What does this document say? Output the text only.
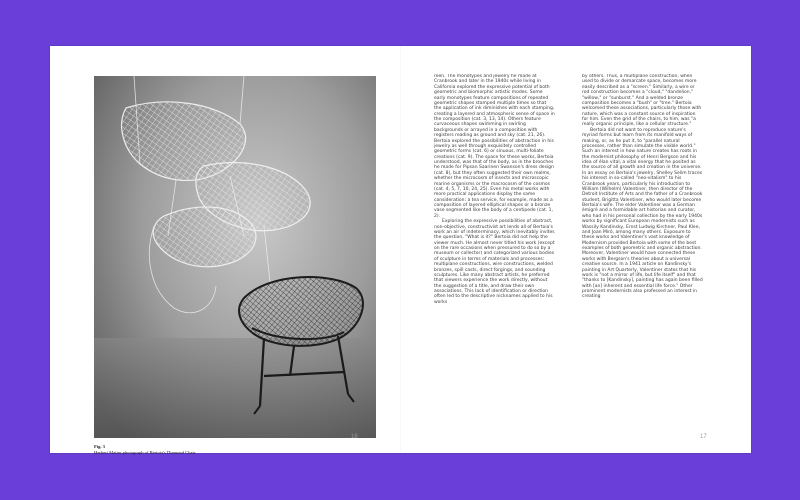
Fig. 3
Herbert Matter photograph of Bertoia's Diamond Chair
16

reen. The monotypes and jewelry he made at Cranbrook and later in the 1940s while living in California explored the expressive potential of both geometric and biomorphic artistic modes. Some early monotypes feature compositions of repeated geometric shapes stamped multiple times so that the application of ink diminishes with each stamping, creating a layered and atmospheric sense of space in the composition (cat. 3, 13, 14). Others feature curvaceous shapes swimming in swirling backgrounds or arrayed in a composition with registers reading as ground and sky (cat. 21, 26). Bertoia explored the possibilities of abstraction in his jewelry as well through exquisitely controlled geometric forms (cat. 6) or sinuous, multi-foliate creations (cat. 9). The space for these works, Bertoia understood, was that of the body, as in the brooches he made for Pipsan Saarinen Swanson's dress design (cat. 8), but they often suggested their own realms, whether the microcosm of insects and microscopic marine organisms or the macrocosm of the cosmos (cat. 4, 5, 7, 10, 24, 25). Even his metal works with more practical applications display the same consideration: a tea service, for example, made as a composition of layered elliptical shapes or a bronze vase segmented like the body of a centipede (cat. 1, 2).

Exploring the expressive possibilities of abstract, non-objective, constructivist art lends all of Bertoia's work an air of indeterminacy, which inevitably invites the question, "What is it?" Bertoia did not help the viewer much. He almost never titled his work (except on the rare occasions when pressured to do so by a museum or collector) and categorized various bodies of sculpture in terms of materials and processes: multiplane constructions, wire constructions, welded bronzes, spill casts, direct forgings, and sounding sculptures. Like many abstract artists, he preferred that viewers experience the work directly, without the suggestion of a title, and draw their own associations. This lack of identification or direction often led to the descriptive nicknames applied to his works

by others. Thus, a multiplane construction, when used to divide or demarcate space, becomes more easily described as a "screen." Similarly, a wire or rod construction becomes a "cloud," "dandelion," "willow," or "sunburst." And a welded bronze composition becomes a "bush" or "tree." Bertoia welcomed these associations, particularly those with nature, which was a constant source of inspiration for him. Even the grid of the chairs, to him, was "a really organic principle, like a cellular structure."

Bertoia did not want to reproduce nature's myriad forms but learn from its manifold ways of making, or, as he put it, to "parallel natural processes, rather than simulate the visible world." Such an interest in how nature creates has roots in the modernist philosophy of Henri Bergson and his idea of élan vital, a vital energy that he posited as the source of all growth and creation in the universe. In an essay on Bertoia's jewelry, Shelley Selim traces his interest in so-called "neo-vitalism" to his Cranbrook years, particularly his introduction to William (Wilhelm) Valentiner, then director of the Detroit Institute of Arts and the father of a Cranbrook student, Brigitta Valentiner, who would later become Bertoia's wife. The elder Valentiner was a German émigré and a formidable art historian and curator, who had in his personal collection by the early 1940s works by significant European modernists such as Wassily Kandinsky, Ernst Ludwig Kirchner, Paul Klee, and Joan Miró, among many others. Exposure to these works and Valentiner's vast knowledge of Modernism provided Bertoia with some of the best examples of both geometric and organic abstraction. Moreover, Valentiner would have connected these works with Bergson's theories about a universal creative source. In a 1941 article on Kandinsky's painting in Art Quarterly, Valentiner states that his work is "not a mirror of life, but life itself" and that "thanks to [Kandinsky], painting has again been filled with [an] inherent and essential life force." Other prominent modernists also professed an interest in creating

17
